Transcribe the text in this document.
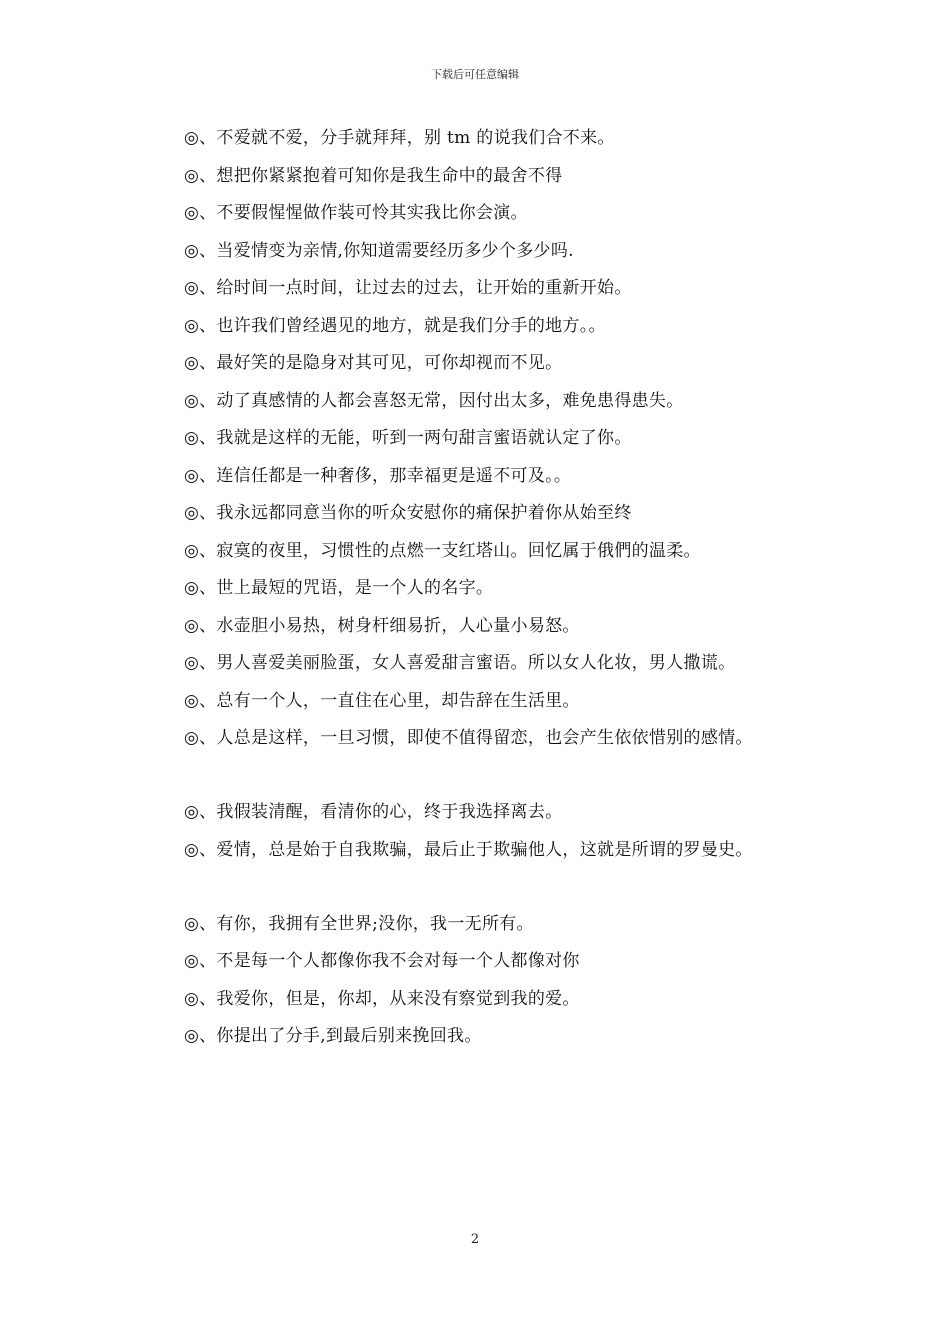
下载后可任意编辑
◎、不爱就不爱，分手就拜拜，别 tm 的说我们合不来。
◎、想把你紧紧抱着可知你是我生命中的最舍不得
◎、不要假惺惺做作装可怜其实我比你会演。
◎、当爱情变为亲情,你知道需要经历多少个多少吗.
◎、给时间一点时间，让过去的过去，让开始的重新开始。
◎、也许我们曾经遇见的地方，就是我们分手的地方。。
◎、最好笑的是隐身对其可见，可你却视而不见。
◎、动了真感情的人都会喜怒无常，因付出太多，难免患得患失。
◎、我就是这样的无能，听到一两句甜言蜜语就认定了你。
◎、连信任都是一种奢侈，那幸福更是遥不可及。。
◎、我永远都同意当你的听众安慰你的痛保护着你从始至终
◎、寂寞的夜里，习惯性的点燃一支红塔山。回忆属于俄們的温柔。
◎、世上最短的咒语，是一个人的名字。
◎、水壶胆小易热，树身杆细易折，人心量小易怒。
◎、男人喜爱美丽脸蛋，女人喜爱甜言蜜语。所以女人化妆，男人撒谎。
◎、总有一个人，一直住在心里，却告辞在生活里。
◎、人总是这样，一旦习惯，即使不值得留恋，也会产生依依惜别的感情。
◎、我假装清醒，看清你的心，终于我选择离去。
◎、爱情，总是始于自我欺骗，最后止于欺骗他人，这就是所谓的罗曼史。
◎、有你，我拥有全世界;没你，我一无所有。
◎、不是每一个人都像你我不会对每一个人都像对你
◎、我爱你，但是，你却，从来没有察觉到我的爱。
◎、你提出了分手,到最后别来挽回我。
2
